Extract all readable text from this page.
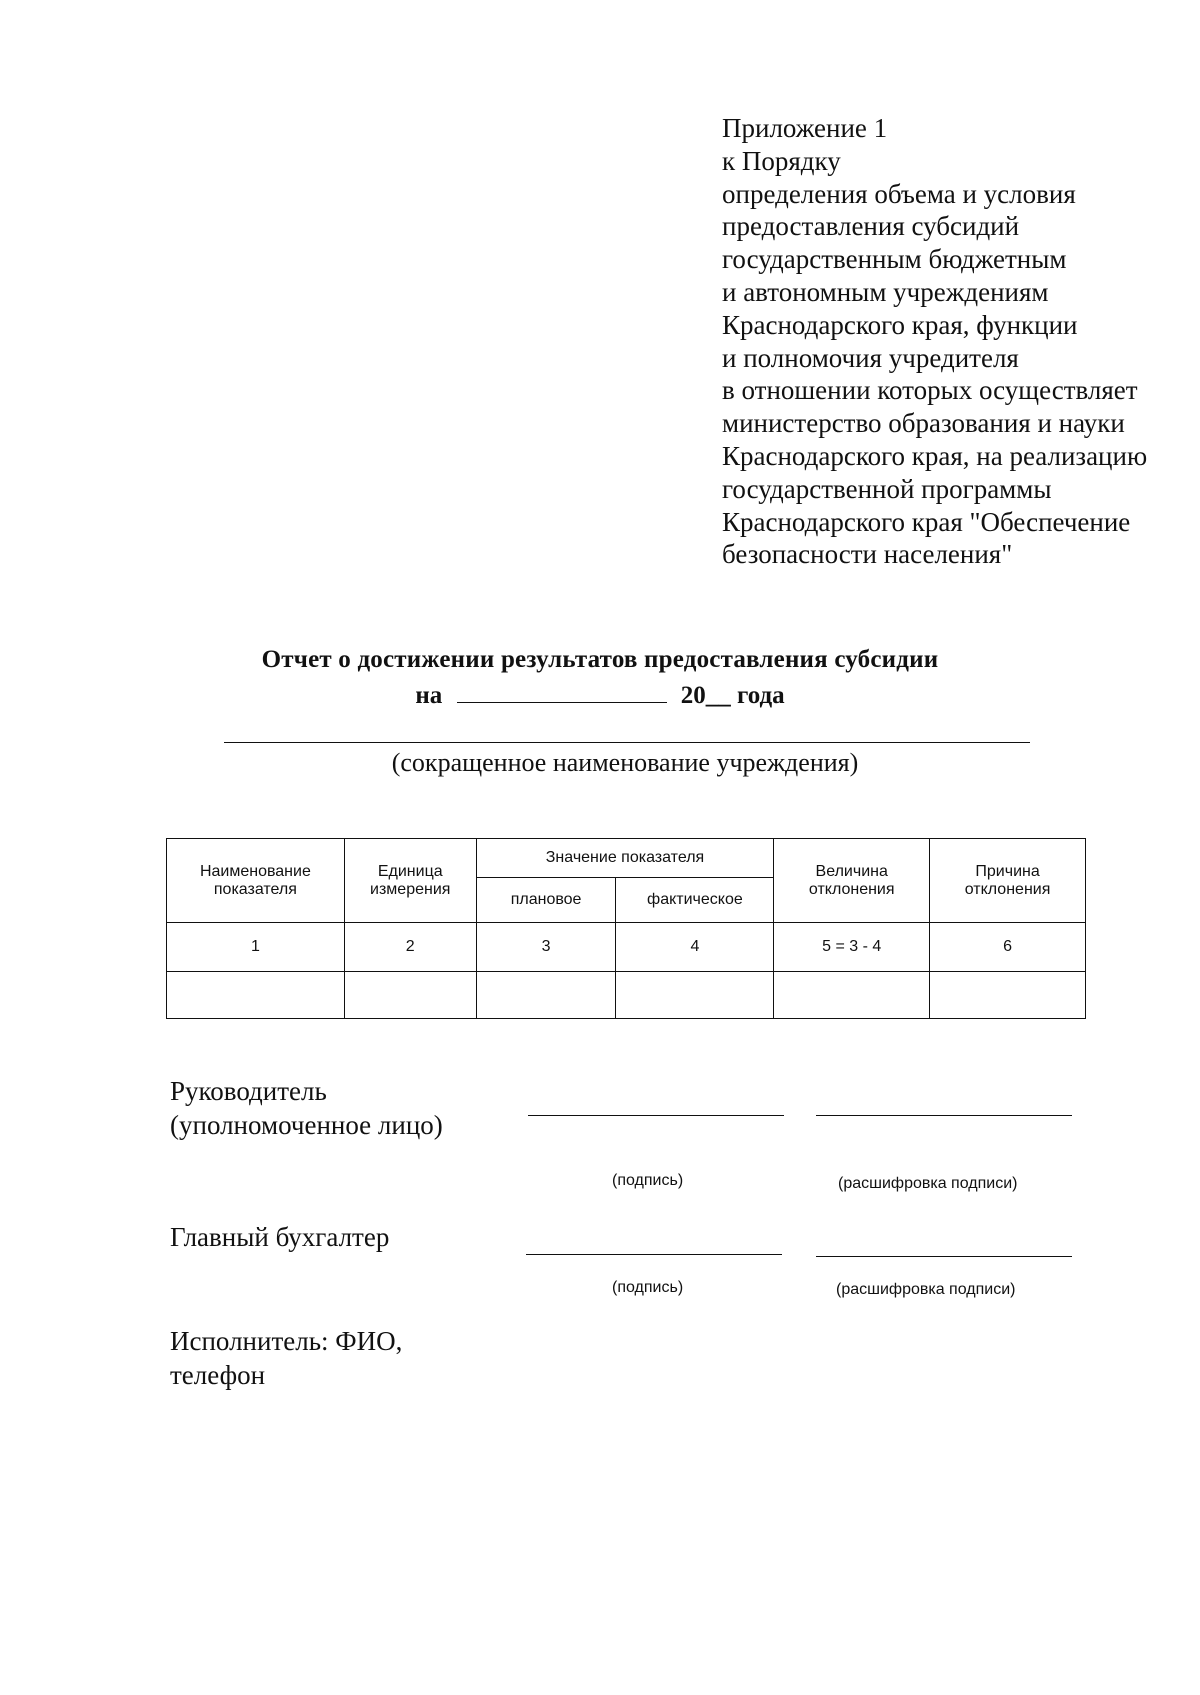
Приложение 1
к Порядку
определения объема и условия
предоставления субсидий
государственным бюджетным
и автономным учреждениям
Краснодарского края, функции
и полномочия учредителя
в отношении которых осуществляет
министерство образования и науки
Краснодарского края, на реализацию
государственной программы
Краснодарского края "Обеспечение
безопасности населения"
Отчет о достижении результатов предоставления субсидии
на	20__ года
(сокращенное наименование учреждения)
Наименование показателя	Единица измерения	Значение показателя		Величина отклонения	Причина отклонения
		плановое	фактическое		
1	2	3	4	5 = 3 - 4	6

Руководитель
(уполномоченное лицо)
(подпись)	(расшифровка подписи)
Главный бухгалтер
(подпись)	(расшифровка подписи)
Исполнитель: ФИО,
телефон
